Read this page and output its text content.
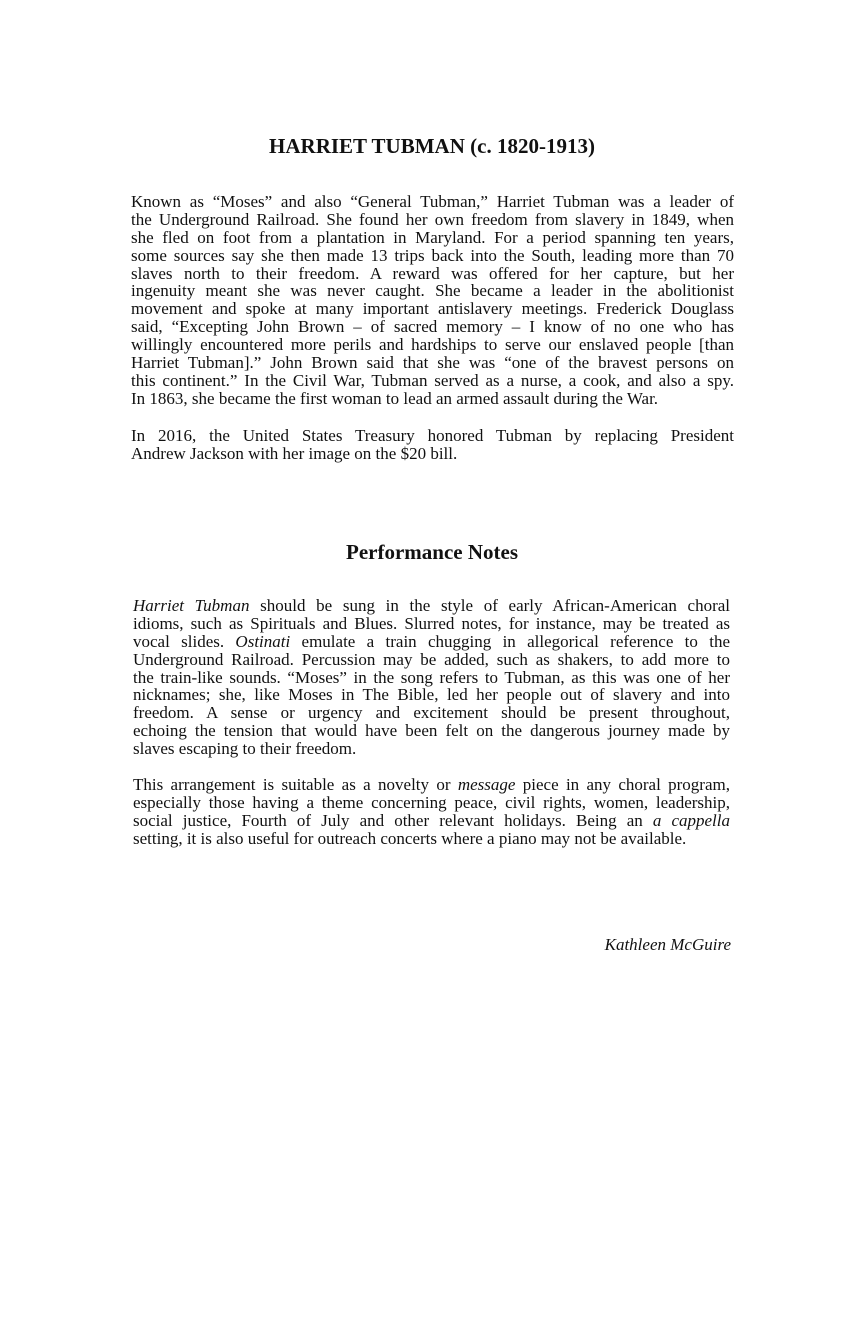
HARRIET TUBMAN (c. 1820-1913)
Known as “Moses” and also “General Tubman,” Harriet Tubman was a leader of
the Underground Railroad. She found her own freedom from slavery in 1849, when
she fled on foot from a plantation in Maryland. For a period spanning ten years,
some sources say she then made 13 trips back into the South, leading more than 70
slaves north to their freedom. A reward was offered for her capture, but her
ingenuity meant she was never caught. She became a leader in the abolitionist
movement and spoke at many important antislavery meetings. Frederick Douglass
said, “Excepting John Brown – of sacred memory – I know of no one who has
willingly encountered more perils and hardships to serve our enslaved people [than
Harriet Tubman].” John Brown said that she was “one of the bravest persons on
this continent.” In the Civil War, Tubman served as a nurse, a cook, and also a spy.
In 1863, she became the first woman to lead an armed assault during the War.
In 2016, the United States Treasury honored Tubman by replacing President
Andrew Jackson with her image on the $20 bill.
Performance Notes
Harriet Tubman should be sung in the style of early African-American choral
idioms, such as Spirituals and Blues. Slurred notes, for instance, may be treated as
vocal slides. Ostinati emulate a train chugging in allegorical reference to the
Underground Railroad. Percussion may be added, such as shakers, to add more to
the train-like sounds. “Moses” in the song refers to Tubman, as this was one of her
nicknames; she, like Moses in The Bible, led her people out of slavery and into
freedom. A sense or urgency and excitement should be present throughout,
echoing the tension that would have been felt on the dangerous journey made by
slaves escaping to their freedom.
This arrangement is suitable as a novelty or message piece in any choral program,
especially those having a theme concerning peace, civil rights, women, leadership,
social justice, Fourth of July and other relevant holidays. Being an a cappella
setting, it is also useful for outreach concerts where a piano may not be available.
Kathleen McGuire
